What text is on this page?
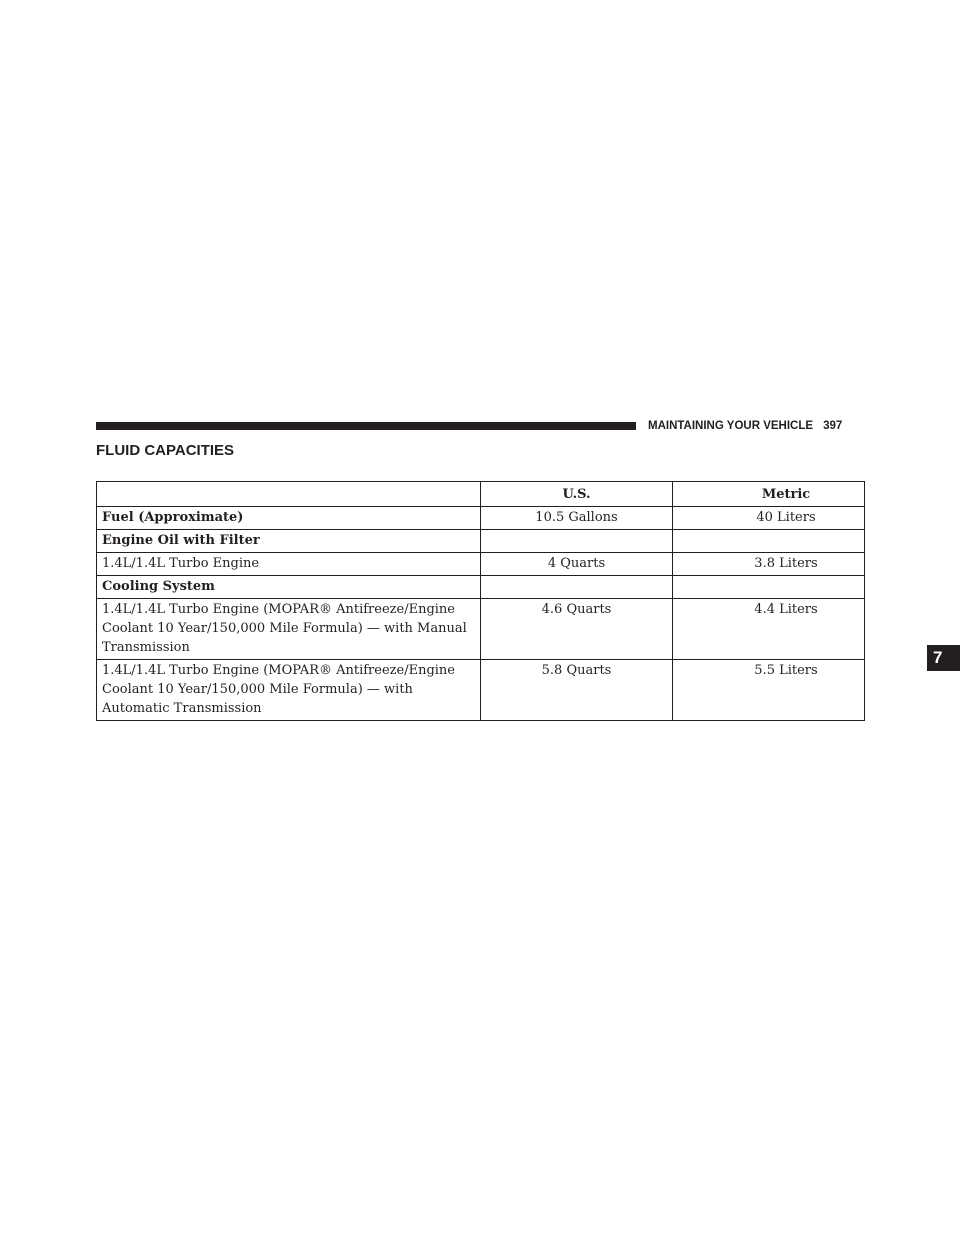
MAINTAINING YOUR VEHICLE 397
FLUID CAPACITIES
	U.S.	Metric
Fuel (Approximate)	10.5 Gallons	40 Liters
Engine Oil with Filter		
1.4L/1.4L Turbo Engine	4 Quarts	3.8 Liters
Cooling System		
1.4L/1.4L Turbo Engine (MOPAR® Antifreeze/Engine Coolant 10 Year/150,000 Mile Formula) — with Manual Transmission	4.6 Quarts	4.4 Liters
1.4L/1.4L Turbo Engine (MOPAR® Antifreeze/Engine Coolant 10 Year/150,000 Mile Formula) — with Automatic Transmission	5.8 Quarts	5.5 Liters
7
